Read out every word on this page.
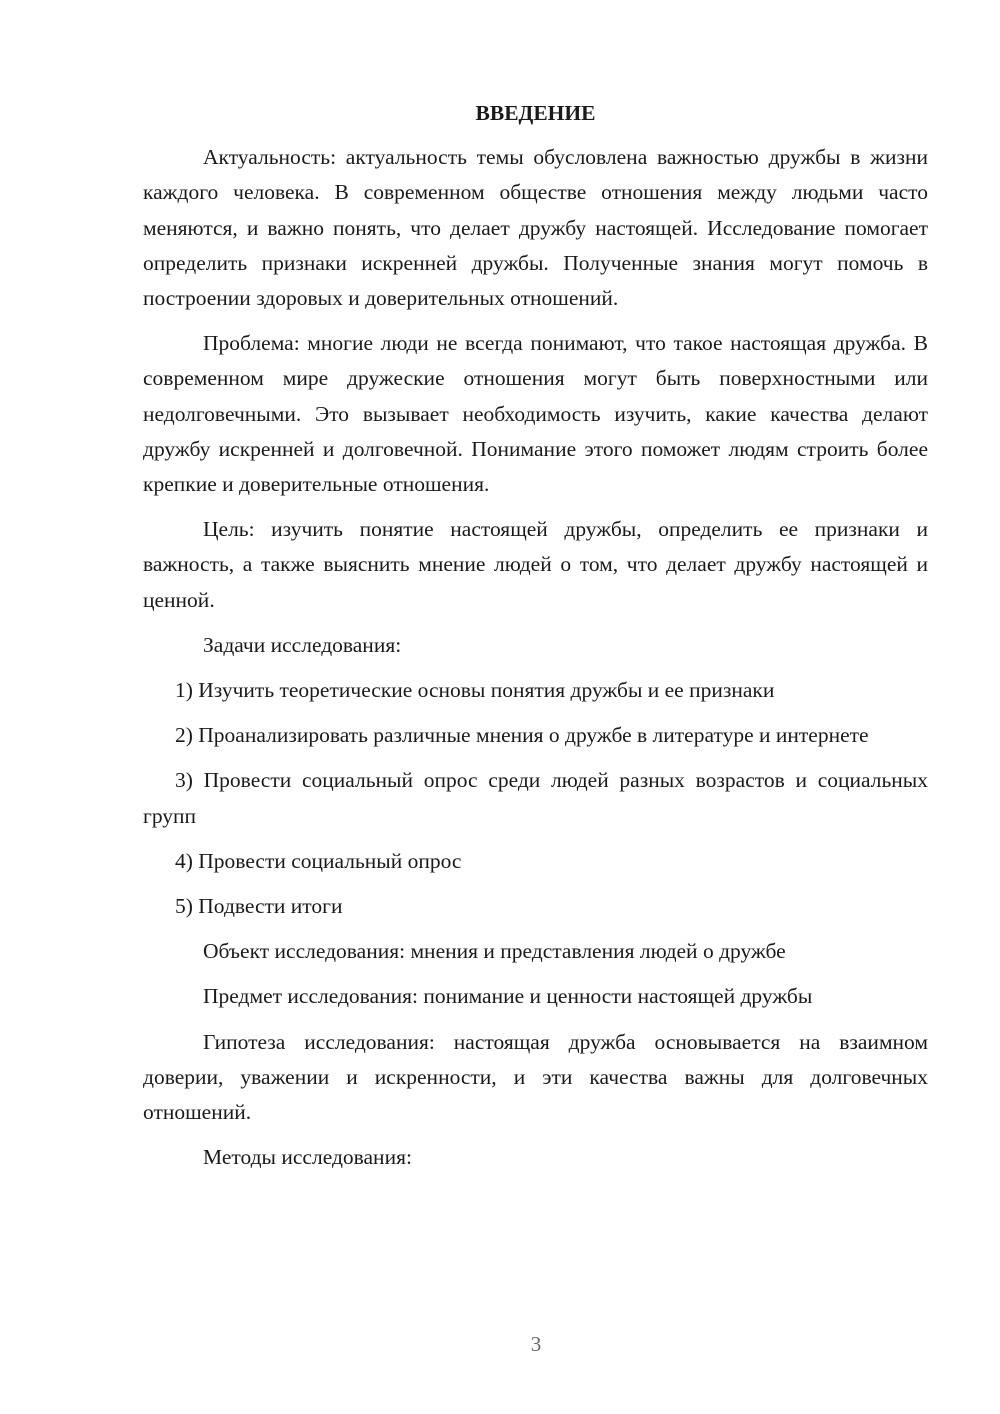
ВВЕДЕНИЕ

Актуальность: актуальность темы обусловлена важностью дружбы в жизни каждого человека. В современном обществе отношения между людьми часто меняются, и важно понять, что делает дружбу настоящей. Исследование помогает определить признаки искренней дружбы. Полученные знания могут помочь в построении здоровых и доверительных отношений.

Проблема: многие люди не всегда понимают, что такое настоящая дружба. В современном мире дружеские отношения могут быть поверхностными или недолговечными. Это вызывает необходимость изучить, какие качества делают дружбу искренней и долговечной. Понимание этого поможет людям строить более крепкие и доверительные отношения.

Цель: изучить понятие настоящей дружбы, определить ее признаки и важность, а также выяснить мнение людей о том, что делает дружбу настоящей и ценной.

Задачи исследования:

1) Изучить теоретические основы понятия дружбы и ее признаки

2) Проанализировать различные мнения о дружбе в литературе и интернете

3) Провести социальный опрос среди людей разных возрастов и социальных групп

4) Провести социальный опрос

5) Подвести итоги

Объект исследования: мнения и представления людей о дружбе

Предмет исследования: понимание и ценности настоящей дружбы

Гипотеза исследования: настоящая дружба основывается на взаимном доверии, уважении и искренности, и эти качества важны для долговечных отношений.

Методы исследования:

3
